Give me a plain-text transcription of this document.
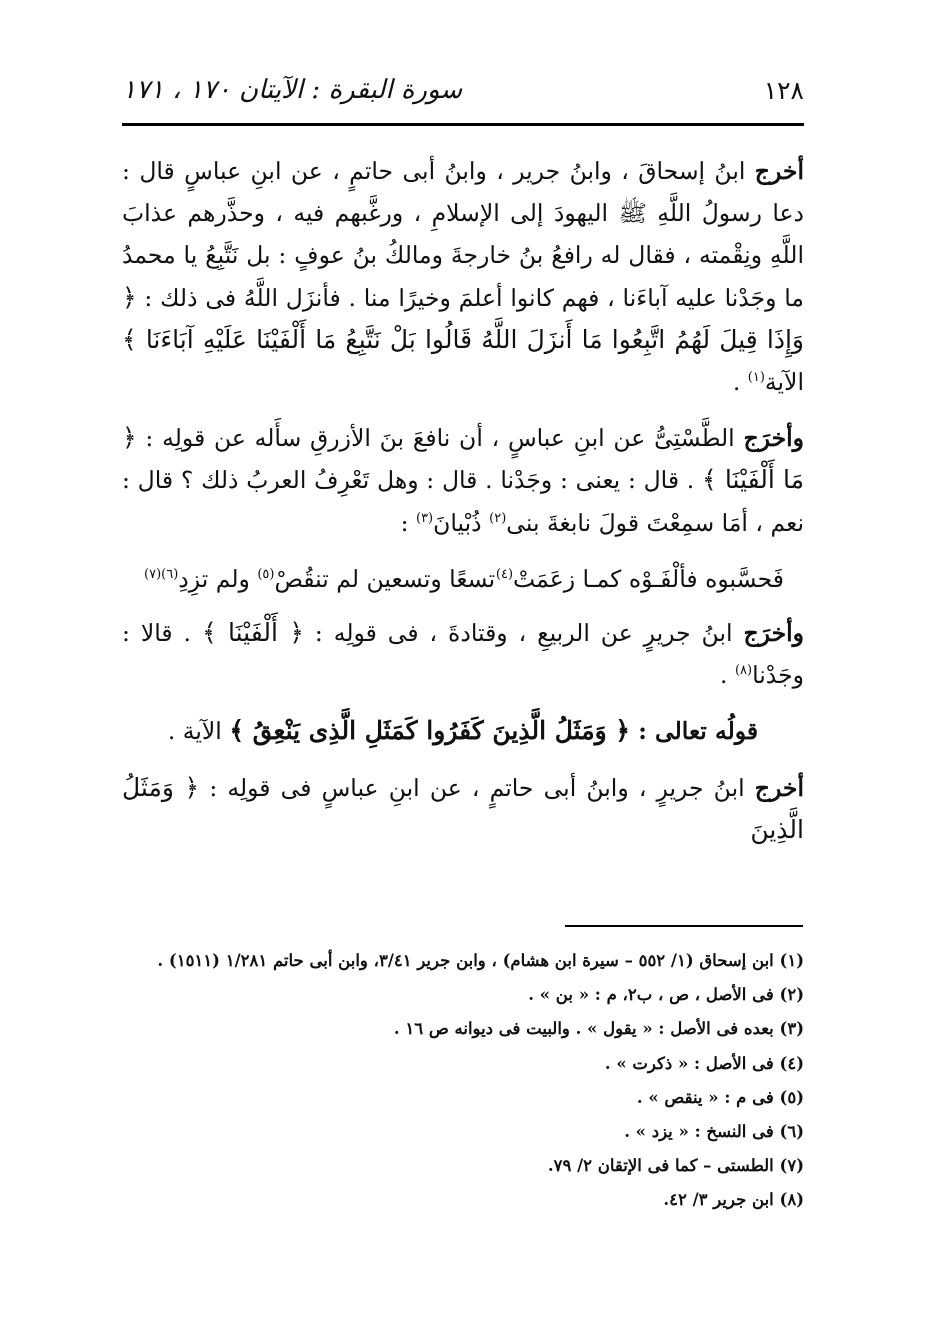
١٢٨
سورة البقرة : الآيتان ١٧٠ ، ١٧١

أخرج ابنُ إسحاقَ ، وابنُ جرير ، وابنُ أبى حاتمٍ ، عن ابنِ عباسٍ قال : دعا رسولُ اللَّهِ ﷺ اليهودَ إلى الإسلامِ ، ورغَّبهم فيه ، وحذَّرهم عذابَ اللَّهِ ونِقْمته ، فقال له رافعُ بنُ خارجةَ ومالكُ بنُ عوفٍ : بل نَتَّبِعُ يا محمدُ ما وجَدْنا عليه آباءَنا ، فهم كانوا أعلمَ وخيرًا منا . فأنزَل اللَّهُ فى ذلك : ﴿ وَإِذَا قِيلَ لَهُمُ اتَّبِعُوا مَا أَنزَلَ اللَّهُ قَالُوا بَلْ نَتَّبِعُ مَا أَلْفَيْنَا عَلَيْهِ آبَاءَنَا ﴾ الآية$^{(١)}$ .

وأخرَج الطَّسْتِىُّ عن ابنِ عباسٍ ، أن نافعَ بنَ الأزرقِ سأَله عن قولِه : ﴿ مَا أَلْفَيْنَا ﴾ . قال : يعنى : وجَدْنا . قال : وهل تَعْرِفُ العربُ ذلك ؟ قال : نعم ، أمَا سمِعْتَ قولَ نابغةَ بنى$^{(٢)}$ ذُبْيانَ$^{(٣)}$ :

فَحسَّبوه فألْفَـوْه كمـا زعَمَتْ$^{(٤)}$
تسعًا وتسعين لم تنقُصْ$^{(٥)}$ ولم تزِدِ$^{(٦)(٧)}$

وأخرَج ابنُ جريرٍ عن الربيعِ ، وقتادةَ ، فى قولِه : ﴿ أَلْفَيْنَا ﴾ . قالا : وجَدْنا$^{(٨)}$ .

قولُه تعالى : ﴿ وَمَثَلُ الَّذِينَ كَفَرُوا كَمَثَلِ الَّذِى يَنْعِقُ ﴾ الآية .

أخرج ابنُ جريرٍ ، وابنُ أبى حاتمٍ ، عن ابنِ عباسٍ فى قولِه : ﴿ وَمَثَلُ الَّذِينَ

(١) ابن إسحاق (١/ ٥٥٢ – سيرة ابن هشام) ، وابن جرير ٣/٤١، وابن أبى حاتم ١/٢٨١ (١٥١١) .
(٢) فى الأصل ، ص ، ب٢، م : « بن » .
(٣) بعده فى الأصل : « يقول » . والبيت فى ديوانه ص ١٦ .
(٤) فى الأصل : « ذكرت » .
(٥) فى م : « ينقص » .
(٦) فى النسخ : « يزد » .
(٧) الطستى – كما فى الإتقان ٢/ ٧٩.
(٨) ابن جرير ٣/ ٤٢.
